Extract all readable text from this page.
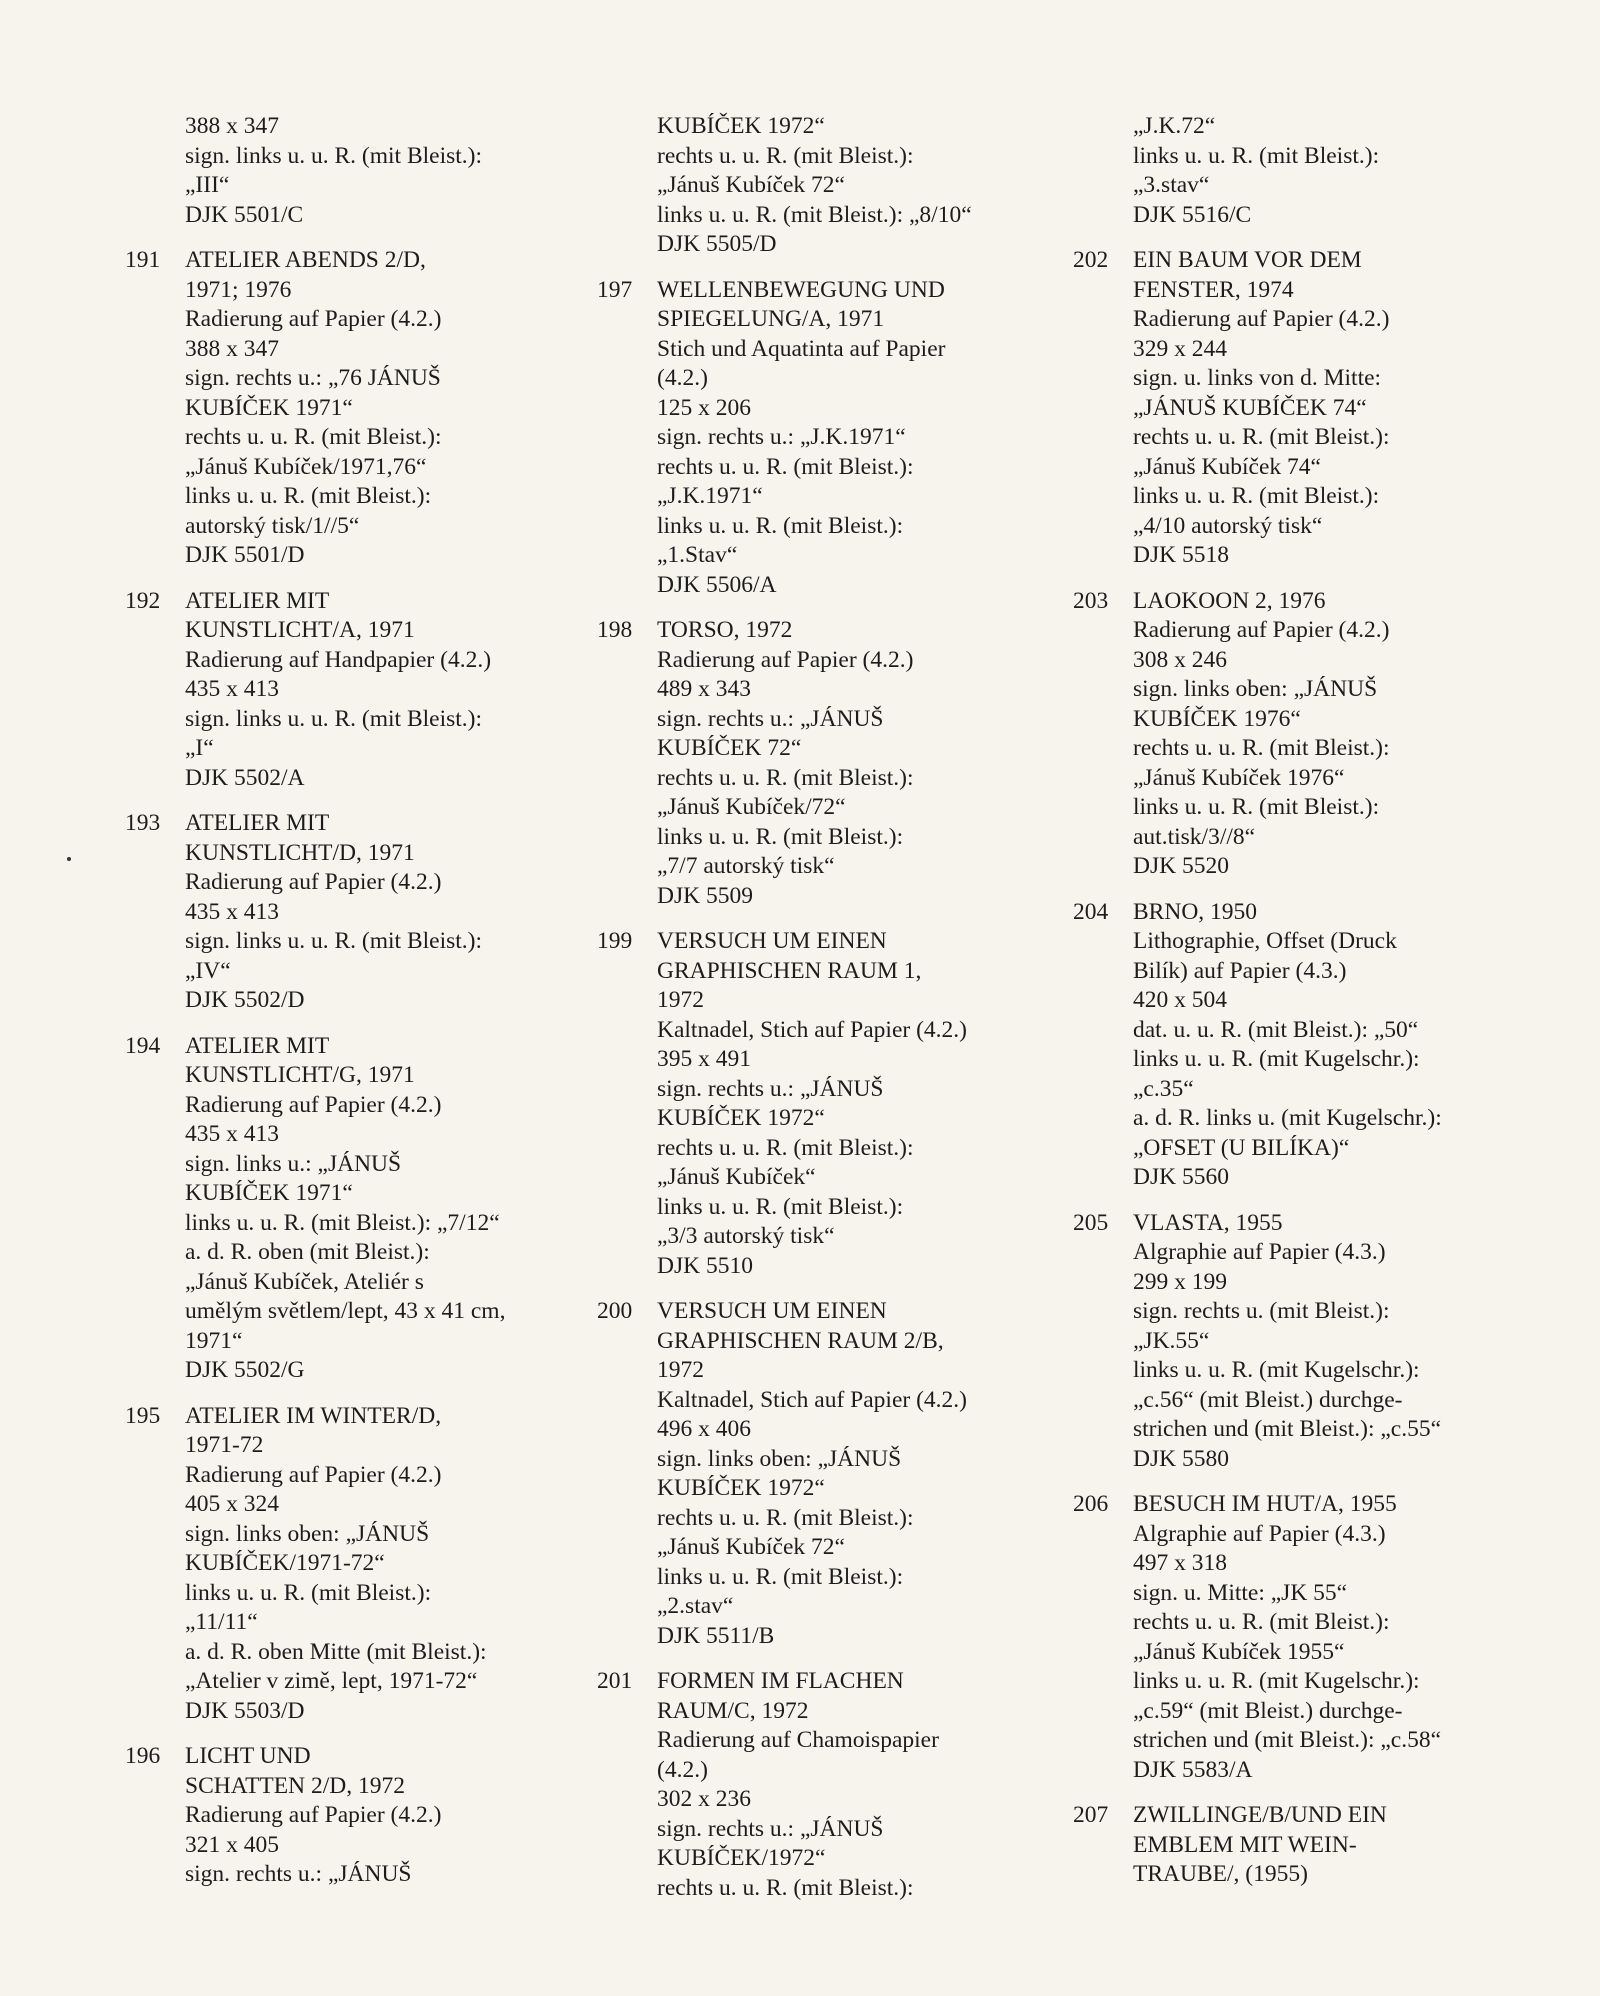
388 x 347
sign. links u. u. R. (mit Bleist.):
„III“
DJK 5501/C
191	ATELIER ABENDS 2/D,
1971; 1976
Radierung auf Papier (4.2.)
388 x 347
sign. rechts u.: „76 JÁNUŠ
KUBÍČEK 1971“
rechts u. u. R. (mit Bleist.):
„Jánuš Kubíček/1971,76“
links u. u. R. (mit Bleist.):
autorský tisk/1//5“
DJK 5501/D
192	ATELIER MIT
KUNSTLICHT/A, 1971
Radierung auf Handpapier (4.2.)
435 x 413
sign. links u. u. R. (mit Bleist.):
„I“
DJK 5502/A
193	ATELIER MIT
KUNSTLICHT/D, 1971
Radierung auf Papier (4.2.)
435 x 413
sign. links u. u. R. (mit Bleist.):
„IV“
DJK 5502/D
194	ATELIER MIT
KUNSTLICHT/G, 1971
Radierung auf Papier (4.2.)
435 x 413
sign. links u.: „JÁNUŠ
KUBÍČEK 1971“
links u. u. R. (mit Bleist.): „7/12“
a. d. R. oben (mit Bleist.):
„Jánuš Kubíček, Ateliér s
umělým světlem/lept, 43 x 41 cm,
1971“
DJK 5502/G
195	ATELIER IM WINTER/D,
1971-72
Radierung auf Papier (4.2.)
405 x 324
sign. links oben: „JÁNUŠ
KUBÍČEK/1971-72“
links u. u. R. (mit Bleist.):
„11/11“
a. d. R. oben Mitte (mit Bleist.):
„Atelier v zimě, lept, 1971-72“
DJK 5503/D
196	LICHT UND
SCHATTEN 2/D, 1972
Radierung auf Papier (4.2.)
321 x 405
sign. rechts u.: „JÁNUŠ
KUBÍČEK 1972“
rechts u. u. R. (mit Bleist.):
„Jánuš Kubíček 72“
links u. u. R. (mit Bleist.): „8/10“
DJK 5505/D
197	WELLENBEWEGUNG UND
SPIEGELUNG/A, 1971
Stich und Aquatinta auf Papier
(4.2.)
125 x 206
sign. rechts u.: „J.K.1971“
rechts u. u. R. (mit Bleist.):
„J.K.1971“
links u. u. R. (mit Bleist.):
„1.Stav“
DJK 5506/A
198	TORSO, 1972
Radierung auf Papier (4.2.)
489 x 343
sign. rechts u.: „JÁNUŠ
KUBÍČEK 72“
rechts u. u. R. (mit Bleist.):
„Jánuš Kubíček/72“
links u. u. R. (mit Bleist.):
„7/7 autorský tisk“
DJK 5509
199	VERSUCH UM EINEN
GRAPHISCHEN RAUM 1,
1972
Kaltnadel, Stich auf Papier (4.2.)
395 x 491
sign. rechts u.: „JÁNUŠ
KUBÍČEK 1972“
rechts u. u. R. (mit Bleist.):
„Jánuš Kubíček“
links u. u. R. (mit Bleist.):
„3/3 autorský tisk“
DJK 5510
200	VERSUCH UM EINEN
GRAPHISCHEN RAUM 2/B,
1972
Kaltnadel, Stich auf Papier (4.2.)
496 x 406
sign. links oben: „JÁNUŠ
KUBÍČEK 1972“
rechts u. u. R. (mit Bleist.):
„Jánuš Kubíček 72“
links u. u. R. (mit Bleist.):
„2.stav“
DJK 5511/B
201	FORMEN IM FLACHEN
RAUM/C, 1972
Radierung auf Chamoispapier
(4.2.)
302 x 236
sign. rechts u.: „JÁNUŠ
KUBÍČEK/1972“
rechts u. u. R. (mit Bleist.):
„J.K.72“
links u. u. R. (mit Bleist.):
„3.stav“
DJK 5516/C
202	EIN BAUM VOR DEM
FENSTER, 1974
Radierung auf Papier (4.2.)
329 x 244
sign. u. links von d. Mitte:
„JÁNUŠ KUBÍČEK 74“
rechts u. u. R. (mit Bleist.):
„Jánuš Kubíček 74“
links u. u. R. (mit Bleist.):
„4/10 autorský tisk“
DJK 5518
203	LAOKOON 2, 1976
Radierung auf Papier (4.2.)
308 x 246
sign. links oben: „JÁNUŠ
KUBÍČEK 1976“
rechts u. u. R. (mit Bleist.):
„Jánuš Kubíček 1976“
links u. u. R. (mit Bleist.):
aut.tisk/3//8“
DJK 5520
204	BRNO, 1950
Lithographie, Offset (Druck
Bilík) auf Papier (4.3.)
420 x 504
dat. u. u. R. (mit Bleist.): „50“
links u. u. R. (mit Kugelschr.):
„c.35“
a. d. R. links u. (mit Kugelschr.):
„OFSET (U BILÍKA)“
DJK 5560
205	VLASTA, 1955
Algraphie auf Papier (4.3.)
299 x 199
sign. rechts u. (mit Bleist.):
„JK.55“
links u. u. R. (mit Kugelschr.):
„c.56“ (mit Bleist.) durchge-
strichen und (mit Bleist.): „c.55“
DJK 5580
206	BESUCH IM HUT/A, 1955
Algraphie auf Papier (4.3.)
497 x 318
sign. u. Mitte: „JK 55“
rechts u. u. R. (mit Bleist.):
„Jánuš Kubíček 1955“
links u. u. R. (mit Kugelschr.):
„c.59“ (mit Bleist.) durchge-
strichen und (mit Bleist.): „c.58“
DJK 5583/A
207	ZWILLINGE/B/UND EIN
EMBLEM MIT WEIN-
TRAUBE/, (1955)
